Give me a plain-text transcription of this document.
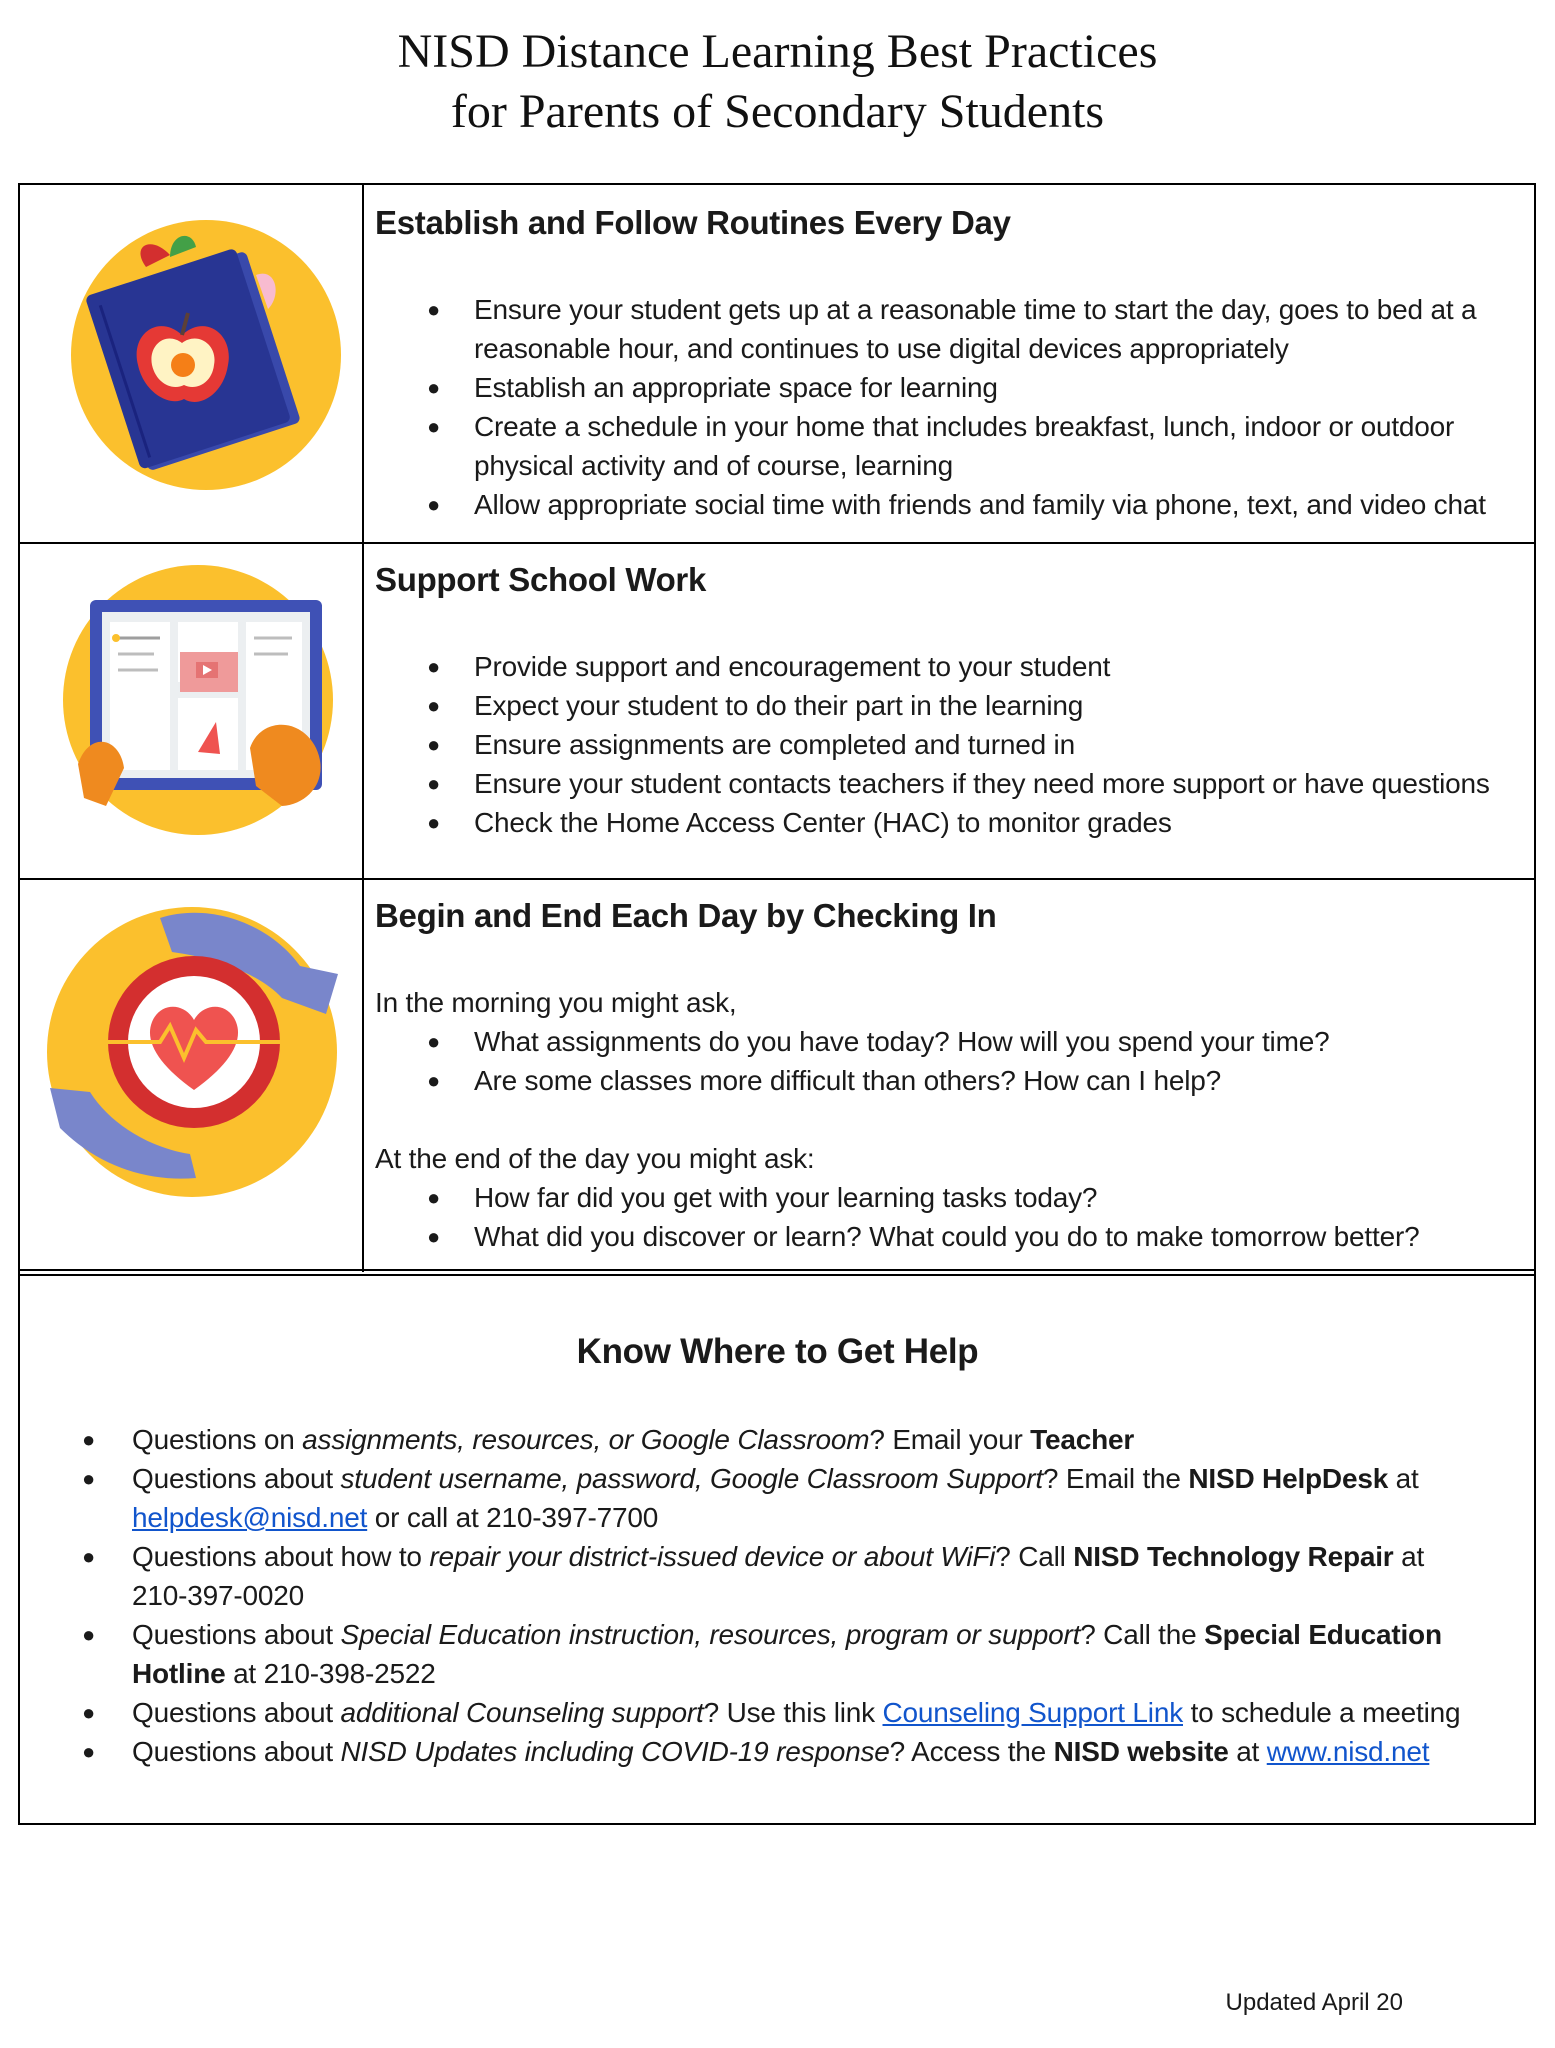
NISD Distance Learning Best Practices
for Parents of Secondary Students
Establish and Follow Routines Every Day
● Ensure your student gets up at a reasonable time to start the day, goes to bed at a reasonable hour, and continues to use digital devices appropriately
● Establish an appropriate space for learning
● Create a schedule in your home that includes breakfast, lunch, indoor or outdoor physical activity and of course, learning
● Allow appropriate social time with friends and family via phone, text, and video chat
Support School Work
● Provide support and encouragement to your student
● Expect your student to do their part in the learning
● Ensure assignments are completed and turned in
● Ensure your student contacts teachers if they need more support or have questions
● Check the Home Access Center (HAC) to monitor grades
Begin and End Each Day by Checking In
In the morning you might ask,
● What assignments do you have today? How will you spend your time?
● Are some classes more difficult than others? How can I help?
At the end of the day you might ask:
● How far did you get with your learning tasks today?
● What did you discover or learn? What could you do to make tomorrow better?
Know Where to Get Help
● Questions on assignments, resources, or Google Classroom? Email your Teacher
● Questions about student username, password, Google Classroom Support? Email the NISD HelpDesk at helpdesk@nisd.net or call at 210-397-7700
● Questions about how to repair your district-issued device or about WiFi? Call NISD Technology Repair at 210-397-0020
● Questions about Special Education instruction, resources, program or support? Call the Special Education Hotline at 210-398-2522
● Questions about additional Counseling support? Use this link Counseling Support Link to schedule a meeting
● Questions about NISD Updates including COVID-19 response? Access the NISD website at www.nisd.net
Updated April 20
